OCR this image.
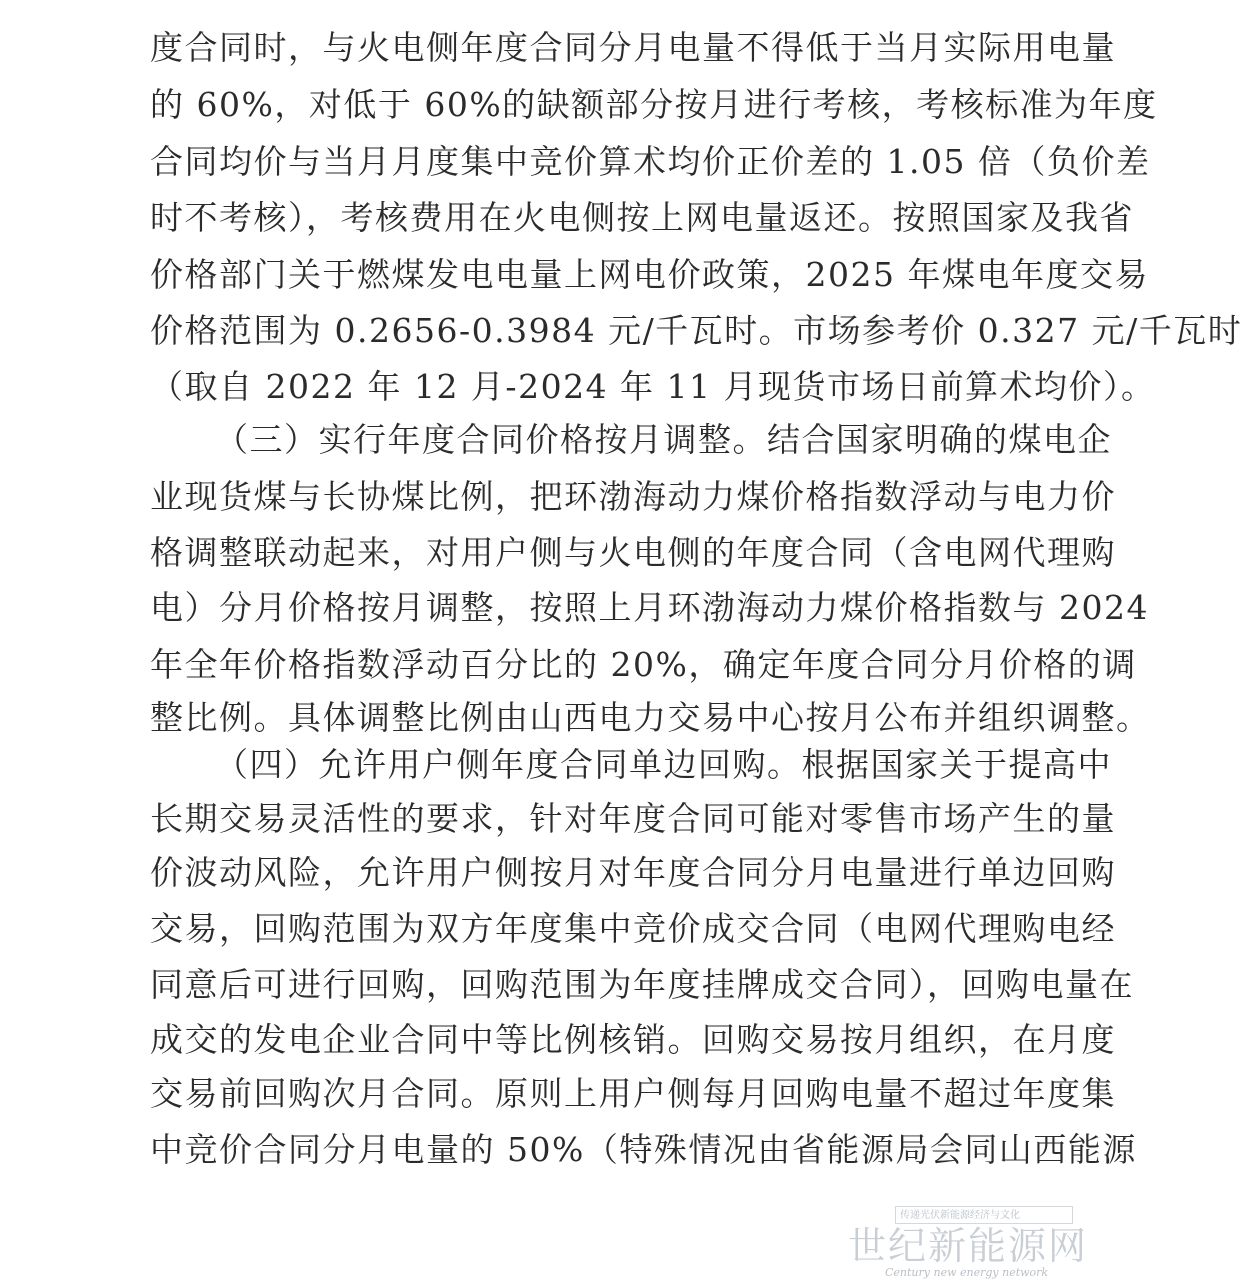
度合同时，与火电侧年度合同分月电量不得低于当月实际用电量
的 60%，对低于 60%的缺额部分按月进行考核，考核标准为年度
合同均价与当月月度集中竞价算术均价正价差的 1.05 倍（负价差
时不考核），考核费用在火电侧按上网电量返还。按照国家及我省
价格部门关于燃煤发电电量上网电价政策，2025 年煤电年度交易
价格范围为 0.2656-0.3984 元/千瓦时。市场参考价 0.327 元/千瓦时
（取自 2022 年 12 月-2024 年 11 月现货市场日前算术均价）。
（三）实行年度合同价格按月调整。结合国家明确的煤电企
业现货煤与长协煤比例，把环渤海动力煤价格指数浮动与电力价
格调整联动起来，对用户侧与火电侧的年度合同（含电网代理购
电）分月价格按月调整，按照上月环渤海动力煤价格指数与 2024
年全年价格指数浮动百分比的 20%，确定年度合同分月价格的调
整比例。具体调整比例由山西电力交易中心按月公布并组织调整。
（四）允许用户侧年度合同单边回购。根据国家关于提高中
长期交易灵活性的要求，针对年度合同可能对零售市场产生的量
价波动风险，允许用户侧按月对年度合同分月电量进行单边回购
交易，回购范围为双方年度集中竞价成交合同（电网代理购电经
同意后可进行回购，回购范围为年度挂牌成交合同），回购电量在
成交的发电企业合同中等比例核销。回购交易按月组织，在月度
交易前回购次月合同。原则上用户侧每月回购电量不超过年度集
中竞价合同分月电量的 50%（特殊情况由省能源局会同山西能源
传递光伏新能源经济与文化
世纪新能源网
Century new energy network
